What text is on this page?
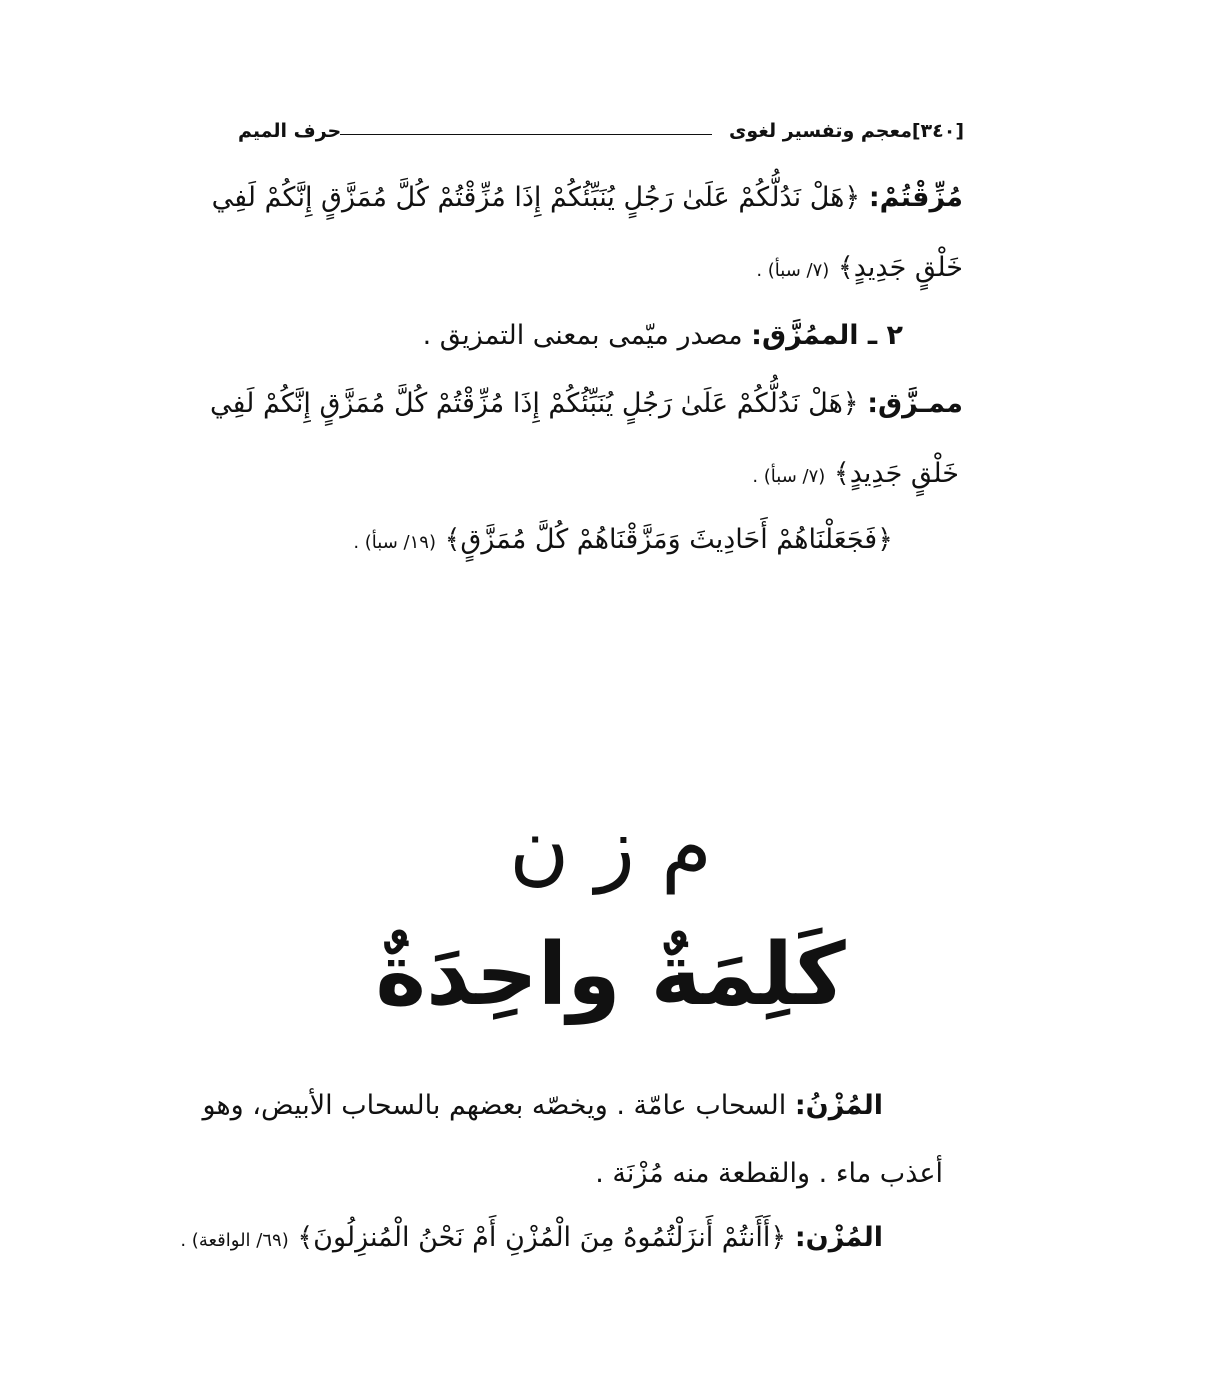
[٣٤٠]
معجم وتفسير لغوى
حرف الميم
مُزِّقْتُمْ: ﴿هَلْ نَدُلُّكُمْ عَلَىٰ رَجُلٍ يُنَبِّئُكُمْ إِذَا مُزِّقْتُمْ كُلَّ مُمَزَّقٍ إِنَّكُمْ لَفِي
خَلْقٍ جَدِيدٍ﴾ (٧/ سبأ) .
٢ ـ الممُزَّق: مصدر ميّمى بمعنى التمزيق .
ممـزَّق: ﴿هَلْ نَدُلُّكُمْ عَلَىٰ رَجُلٍ يُنَبِّئُكُمْ إِذَا مُزِّقْتُمْ كُلَّ مُمَزَّقٍ إِنَّكُمْ لَفِي
خَلْقٍ جَدِيدٍ﴾ (٧/ سبأ) .
﴿فَجَعَلْنَاهُمْ أَحَادِيثَ وَمَزَّقْنَاهُمْ كُلَّ مُمَزَّقٍ﴾ (١٩/ سبأ) .
م ز ن
كَلِمَةٌ واحِدَةٌ
المُزْنُ: السحاب عامّة . ويخصّه بعضهم بالسحاب الأبيض، وهو
أعذب ماء . والقطعة منه مُزْنَة .
المُزْن: ﴿أَأَنتُمْ أَنزَلْتُمُوهُ مِنَ الْمُزْنِ أَمْ نَحْنُ الْمُنزِلُونَ﴾ (٦٩/ الواقعة) .
